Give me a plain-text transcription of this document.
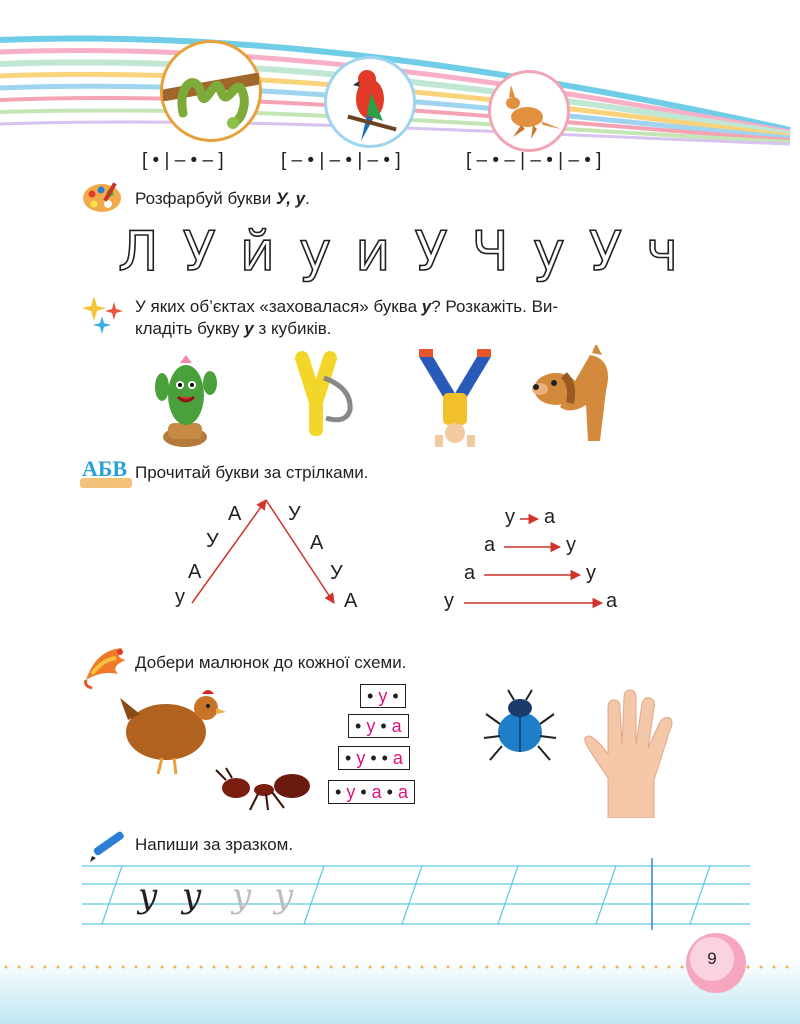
[ • | – • – ]	[ – • | – • | – • ]	[ – • – | – • | – • ]
Розфарбуй букви У, у.
Л У й у и У Ч у У ч
У яких об’єктах «заховалася» буква у? Розкажіть. Ви-
кладіть букву у з кубиків.
АБВ Прочитай букви за стрілками.
у
А
У
А У
А
У
А
у а
а	у
а	у
у	а
Добери малюнок до кожної схеми.
• у •
• у • а
• у • • а
• у • а • а
Напиши за зразком.
у у у у
9
